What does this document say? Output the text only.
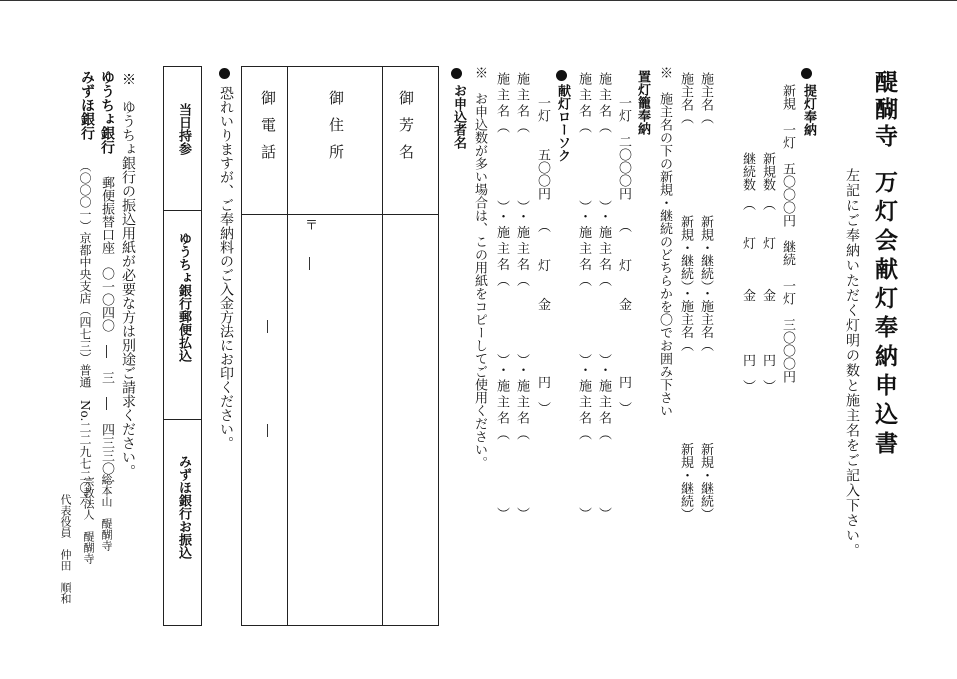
醍醐寺
万灯会献灯奉納申込書
左記にご奉納いただく灯明の数と施主名をご記入下さい。
提灯奉納
新規　一灯　五〇〇〇円　継続　一灯　三〇〇〇円
新規数　（　　灯　　　金　　　　円　）
継続数　（　　灯　　　金　　　　円　）
施主名（　　　　　　　新規・継続）・施主名（　　　　　　　新規・継続）
施主名（　　　　　　　新規・継続）・施主名（　　　　　　　新規・継続）
※　施主名の下の新規・継続のどちらかを〇でお囲み下さい
置灯籠奉納
一灯　二〇〇〇円　　（　　灯　　金　　　　　円　）
施主名（　　　　）・施主名（　　　　）・施主名（　　　　）
施主名（　　　　）・施主名（　　　　）・施主名（　　　　）
献灯ローソク
一灯　　五〇〇円　　（　　灯　　金　　　　　円　）
施主名（　　　　）・施主名（　　　　）・施主名（　　　　）
施主名（　　　　）・施主名（　　　　）・施主名（　　　　）
※　お申込数が多い場合は、この用紙をコピーしてご使用ください。
お申込者名
御芳名
御住所
〒　　―
御電話
―
―
恐れいりますが、ご奉納料のご入金方法にお印ください。
当日持参
ゆうちょ銀行郵便払込
みずほ銀行お振込
※　ゆうちょ銀行の振込用紙が必要な方は別途ご請求ください。
ゆうちょ銀行
郵便振替口座　〇一〇四〇　―　三　―　四三三〇一
みずほ銀行
（〇〇〇一）京都中央支店（四七三）普通　No.二二九七二〇六
総本山　醍醐寺
宗教法人　醍醐寺
代表役員　仲田　順和
